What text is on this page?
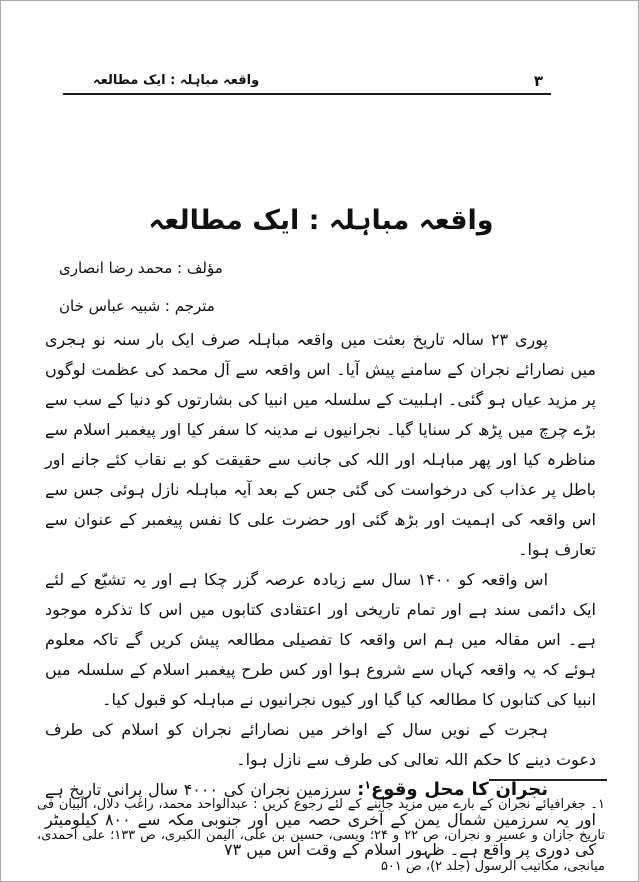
واقعہ مباہلہ : ایک مطالعہ	۳
واقعہ مباہلہ : ایک مطالعہ
مؤلف : محمد رضا انصاری
مترجم : شبیہ عباس خان

پوری ۲۳ سالہ تاریخ بعثت میں واقعہ مباہلہ صرف ایک بار سنہ نو ہجری میں نصارائے نجران کے سامنے پیش آیا۔ اس واقعہ سے آل محمد کی عظمت لوگوں پر مزید عیاں ہو گئی۔ اہلبیت کے سلسلہ میں انبیا کی بشارتوں کو دنیا کے سب سے بڑے چرچ میں پڑھ کر سنایا گیا۔ نجرانیوں نے مدینہ کا سفر کیا اور پیغمبر اسلام سے مناظرہ کیا اور پھر مباہلہ اور اللہ کی جانب سے حقیقت کو بے نقاب کئے جانے اور باطل پر عذاب کی درخواست کی گئی جس کے بعد آیہ مباہلہ نازل ہوئی جس سے اس واقعہ کی اہمیت اور بڑھ گئی اور حضرت علی کا نفس پیغمبر کے عنوان سے تعارف ہوا۔

اس واقعہ کو ۱۴۰۰ سال سے زیادہ عرصہ گزر چکا ہے اور یہ تشیّع کے لئے ایک دائمی سند ہے اور تمام تاریخی اور اعتقادی کتابوں میں اس کا تذکرہ موجود ہے۔ اس مقالہ میں ہم اس واقعہ کا تفصیلی مطالعہ پیش کریں گے تاکہ معلوم ہوئے کہ یہ واقعہ کہاں سے شروع ہوا اور کس طرح پیغمبر اسلام کے سلسلہ میں انبیا کی کتابوں کا مطالعہ کیا گیا اور کیوں نجرانیوں نے مباہلہ کو قبول کیا۔

ہجرت کے نویں سال کے اواخر میں نصارائے نجران کو اسلام کی طرف دعوت دینے کا حکم اللہ تعالی کی طرف سے نازل ہوا۔

نجران کا محل وقوع$^۱$: سرزمین نجران کی ۴۰۰۰ سال پرانی تاریخ ہے اور یہ سرزمین شمال یمن کے آخری حصہ میں اور جنوبی مکہ سے ۸۰۰ کیلومیٹر کی دوری پر واقع ہے۔ ظہور اسلام کے وقت اس میں ۷۳

۱۔ جغرافیائے نجران کے بارے میں مزید جاننے کے لئے رجوع کریں : عبدالواحد محمد، راغب دلال، البیان فی تاریخ جازان و عسیر و نجران، ص ۲۲ و ۲۴؛ ویسی، حسین بن علی، الیمن الکبری، ص ۱۳۳؛ علی احمدی، میانجی، مکاتیب الرسول (جلد ۲)، ص ۵۰۱
